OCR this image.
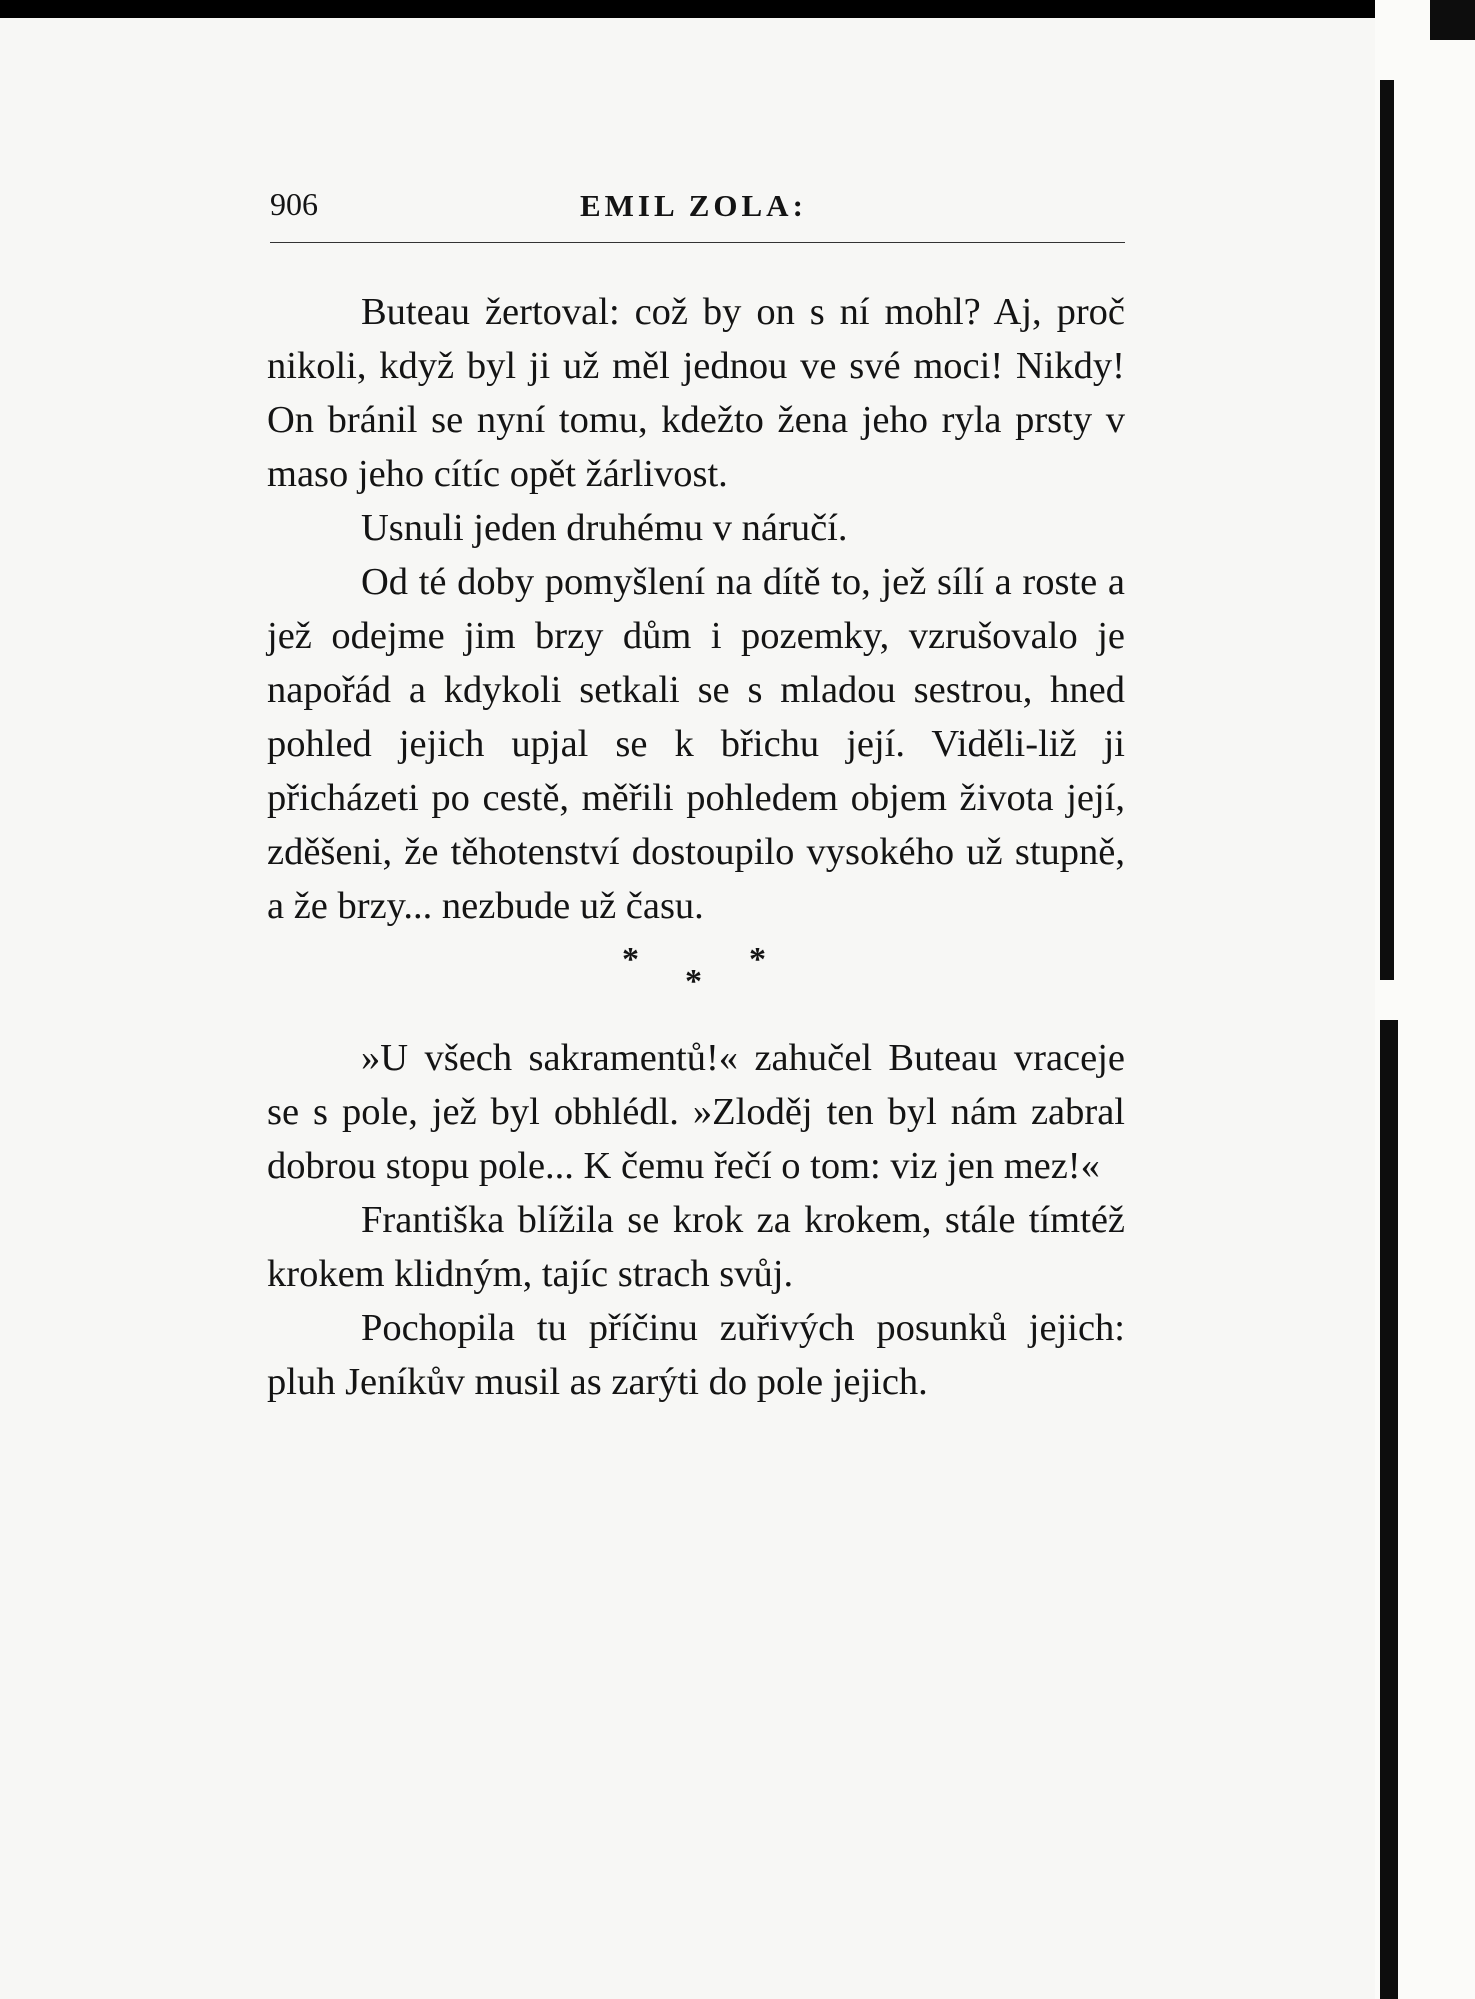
906	EMIL ZOLA:

Buteau žertoval: což by on s ní mohl? Aj, proč nikoli, když byl ji už měl jednou ve své moci! Nikdy! On bránil se nyní tomu, kdežto žena jeho ryla prsty v maso jeho cítíc opět žárlivost.

Usnuli jeden druhému v náručí.

Od té doby pomyšlení na dítě to, jež sílí a roste a jež odejme jim brzy dům i pozemky, vzrušovalo je napořád a kdykoli setkali se s mladou sestrou, hned pohled jejich upjal se k břichu její. Viděli-liž ji přicházeti po cestě, měřili pohledem objem života její, zděšeni, že těhotenství dostoupilo vysokého už stupně, a že brzy... nezbude už času.

*
*
*

»U všech sakramentů!« zahučel Buteau vraceje se s pole, jež byl obhlédl. »Zloděj ten byl nám zabral dobrou stopu pole... K čemu řečí o tom: viz jen mez!«

Františka blížila se krok za krokem, stále tímtéž krokem klidným, tajíc strach svůj.

Pochopila tu příčinu zuřivých posunků jejich: pluh Jeníkův musil as zarýti do pole jejich.
